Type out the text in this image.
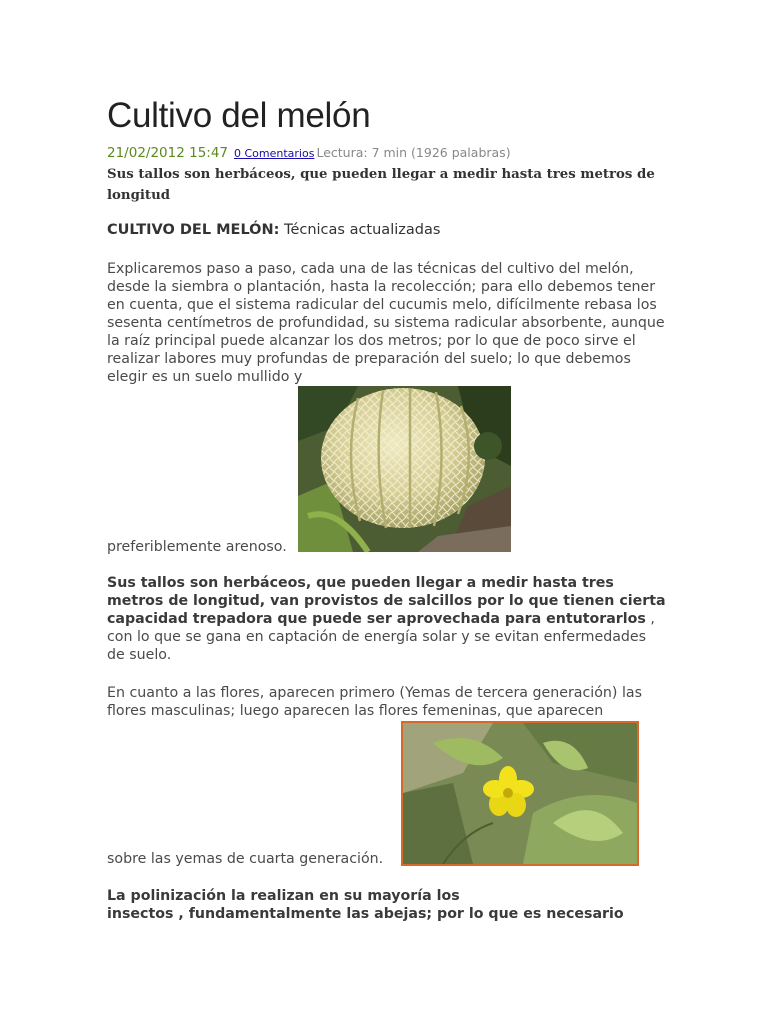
Cultivo del melón
21/02/2012 15:47 0 Comentarios Lectura: 7 min (1926 palabras)

Sus tallos son herbáceos, que pueden llegar a medir hasta tres metros de longitud

CULTIVO DEL MELÓN: Técnicas actualizadas

Explicaremos paso a paso, cada una de las técnicas del cultivo del melón, desde la siembra o plantación, hasta la recolección; para ello debemos tener en cuenta, que el sistema radicular del cucumis melo, difícilmente rebasa los sesenta centímetros de profundidad, su sistema radicular absorbente, aunque la raíz principal puede alcanzar los dos metros; por lo que de poco sirve el realizar labores muy profundas de preparación del suelo; lo que debemos elegir es un suelo mullido y

preferiblemente arenoso.

Sus tallos son herbáceos, que pueden llegar a medir hasta tres metros de longitud, van provistos de salcillos por lo que tienen cierta capacidad trepadora que puede ser aprovechada para entutorarlos , con lo que se gana en captación de energía solar y se evitan enfermedades de suelo.

En cuanto a las flores, aparecen primero (Yemas de tercera generación) las flores masculinas; luego aparecen las flores femeninas, que aparecen

sobre las yemas de cuarta generación.

La polinización la realizan en su mayoría los
insectos , fundamentalmente las abejas; por lo que es necesario
